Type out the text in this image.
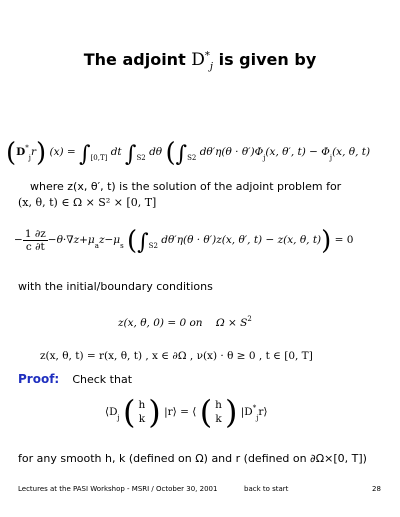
The adjoint $D^*_j$ is given by
$(D^*_jr) (x) = \int_{[0,T]}$ dt $\int_{S2}$ dθ ($\int_{S2}$ $d\theta'\eta(\theta \cdot \theta')\Phi_j(x$, θ′, $t) - \Phi_j(x$, θ, t)
where z(x, θ′, t) is the solution of the adjoint problem for
(x, θ, t) ∈ Ω × S² × [0, T]
− $\frac{1 \partial z}{c \partial t} -\theta\cdot\nabla z+\mu_az-\mu_s$ ($\int_{S2}$ dθ′η(θ · θ′)z(x, θ′, t) − z(x, θ, t)) = 0
with the initial/boundary conditions
z(x, θ, 0) = 0 on $\Omega \times S^2$
z(x, θ, t) = r(x, θ, t) , x ∈ ∂Ω , ν(x) · θ ≥ 0 , t ∈ [0, T]
Proof: Check that
$⟨D_j$ ( h
k ) |r⟩ = ⟨ ( h
k ) $|D^*_jr⟩$
for any smooth h, k (defined on Ω) and r (defined on ∂Ω×[0, T])
Lectures at the PASI Workshop - MSRI / October 30, 2001	back to start	28
